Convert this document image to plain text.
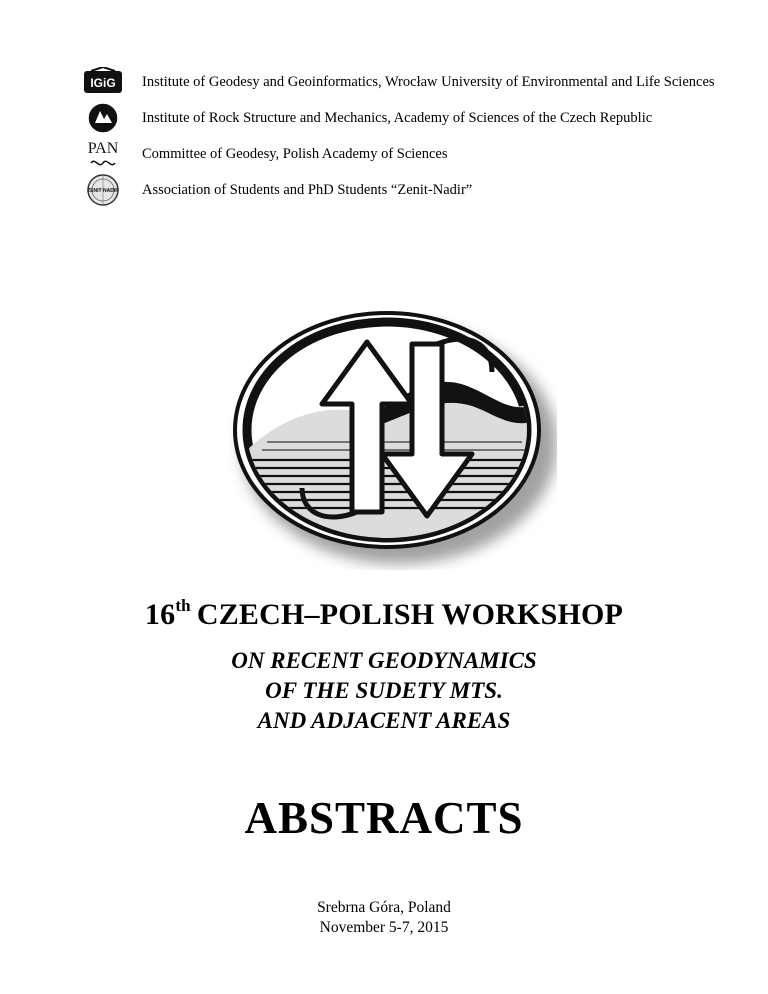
IGiG Institute of Geodesy and Geoinformatics, Wrocław University of Environmental and Life Sciences
Institute of Rock Structure and Mechanics, Academy of Sciences of the Czech Republic
PAN Committee of Geodesy, Polish Academy of Sciences
ZENIT NADIR Association of Students and PhD Students “Zenit-Nadir”
16th CZECH–POLISH WORKSHOP
ON RECENT GEODYNAMICS
OF THE SUDETY MTS.
AND ADJACENT AREAS
ABSTRACTS
Srebrna Góra, Poland
November 5-7, 2015
